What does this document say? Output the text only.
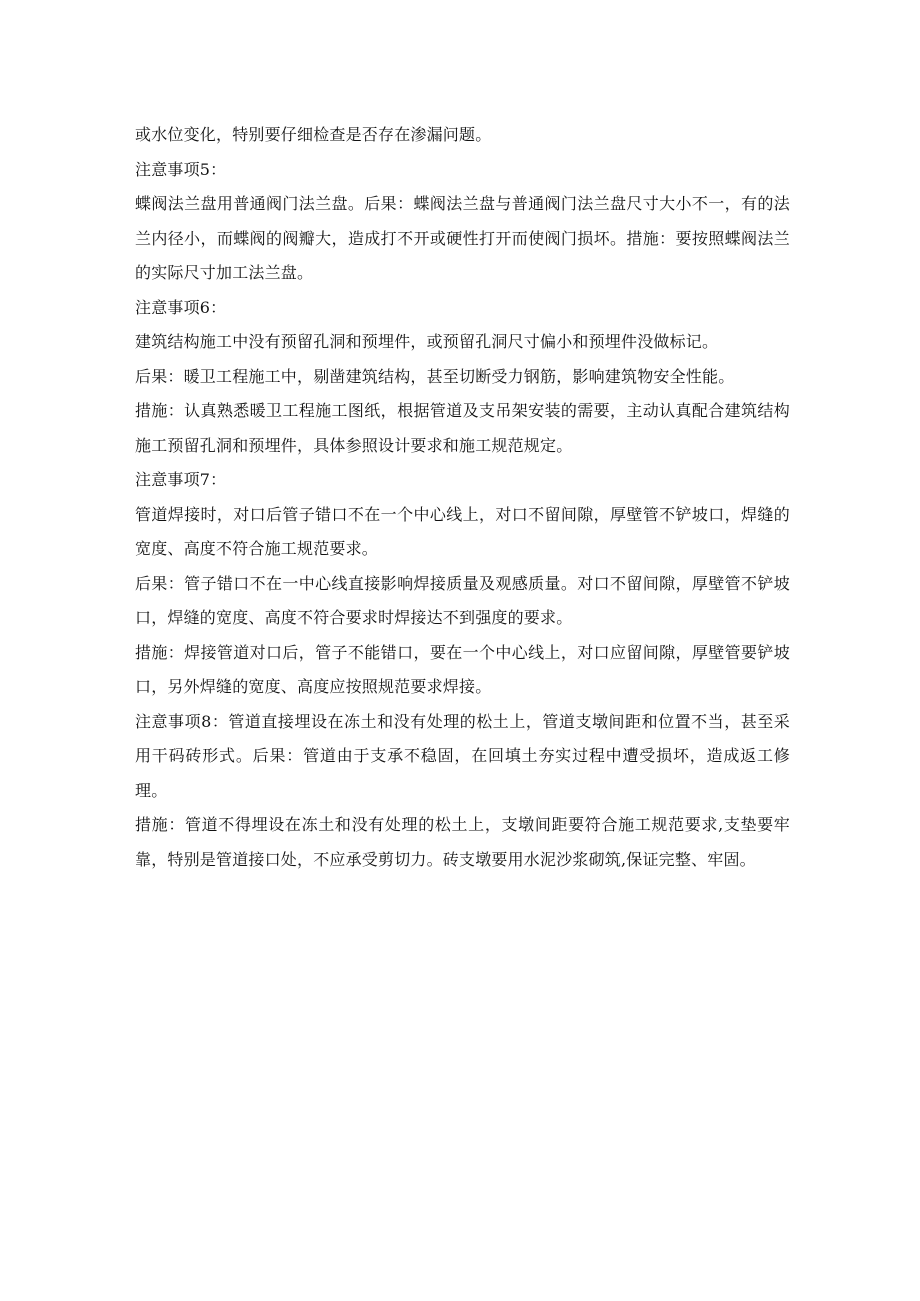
或水位变化，特别要仔细检查是否存在渗漏问题。

注意事项5：

蝶阀法兰盘用普通阀门法兰盘。后果：蝶阀法兰盘与普通阀门法兰盘尺寸大小不一，有的法兰内径小，而蝶阀的阀瓣大，造成打不开或硬性打开而使阀门损坏。措施：要按照蝶阀法兰的实际尺寸加工法兰盘。

注意事项6：

建筑结构施工中没有预留孔洞和预埋件，或预留孔洞尺寸偏小和预埋件没做标记。

后果：暖卫工程施工中，剔凿建筑结构，甚至切断受力钢筋，影响建筑物安全性能。

措施：认真熟悉暖卫工程施工图纸，根据管道及支吊架安装的需要，主动认真配合建筑结构施工预留孔洞和预埋件，具体参照设计要求和施工规范规定。

注意事项7：

管道焊接时，对口后管子错口不在一个中心线上，对口不留间隙，厚壁管不铲坡口，焊缝的宽度、高度不符合施工规范要求。

后果：管子错口不在一中心线直接影响焊接质量及观感质量。对口不留间隙，厚壁管不铲坡口，焊缝的宽度、高度不符合要求时焊接达不到强度的要求。

措施：焊接管道对口后，管子不能错口，要在一个中心线上，对口应留间隙，厚壁管要铲坡口，另外焊缝的宽度、高度应按照规范要求焊接。

注意事项8：管道直接埋设在冻土和没有处理的松土上，管道支墩间距和位置不当，甚至采用干码砖形式。后果：管道由于支承不稳固，在回填土夯实过程中遭受损坏，造成返工修理。

措施：管道不得埋设在冻土和没有处理的松土上，支墩间距要符合施工规范要求,支垫要牢靠，特别是管道接口处，不应承受剪切力。砖支墩要用水泥沙浆砌筑,保证完整、牢固。
